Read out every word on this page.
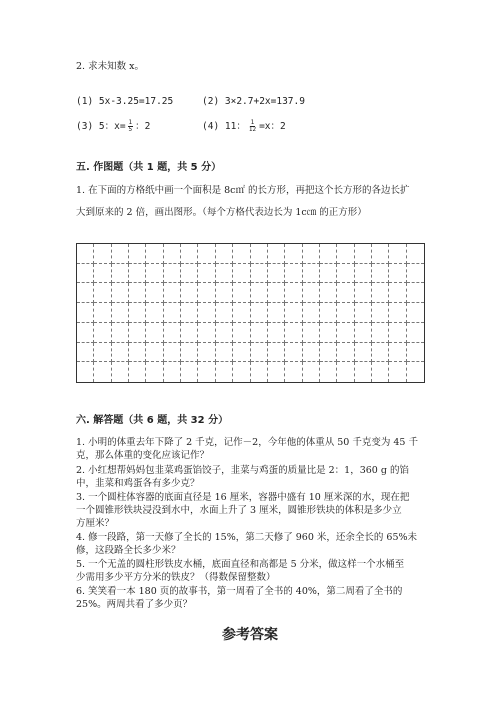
2. 求未知数 x。
(1) 5x-3.25=17.25	(2) 3×2.7+2x=137.9
(3) 5：$x= \frac{1}{5}$ ：2	(4) 11： $\frac{1}{12} =x$：2
五. 作图题（共 1 题，共 5 分）
1. 在下面的方格纸中画一个面积是 8c㎡ 的长方形，再把这个长方形的各边长扩
大到原来的 2 倍，画出图形。（每个方格代表边长为 1c㎝ 的正方形）
六. 解答题（共 6 题，共 32 分）
1. 小明的体重去年下降了 2 千克，记作－2，今年他的体重从 50 千克变为 45 千
克，那么体重的变化应该记作？
2. 小红想帮妈妈包韭菜鸡蛋馅饺子，韭菜与鸡蛋的质量比是 2：1，360 g 的馅
中，韭菜和鸡蛋各有多少克？
3. 一个圆柱体容器的底面直径是 16 厘米，容器中盛有 10 厘米深的水，现在把
一个圆锥形铁块浸没到水中，水面上升了 3 厘米，圆锥形铁块的体积是多少立
方厘米？
4. 修一段路，第一天修了全长的 15%，第二天修了 960 米，还余全长的 65%未
修，这段路全长多少米？
5. 一个无盖的圆柱形铁皮水桶，底面直径和高都是 5 分米，做这样一个水桶至
少需用多少平方分米的铁皮？（得数保留整数）
6. 笑笑看一本 180 页的故事书，第一周看了全书的 40%，第二周看了全书的
25%。两周共看了多少页？
参考答案
